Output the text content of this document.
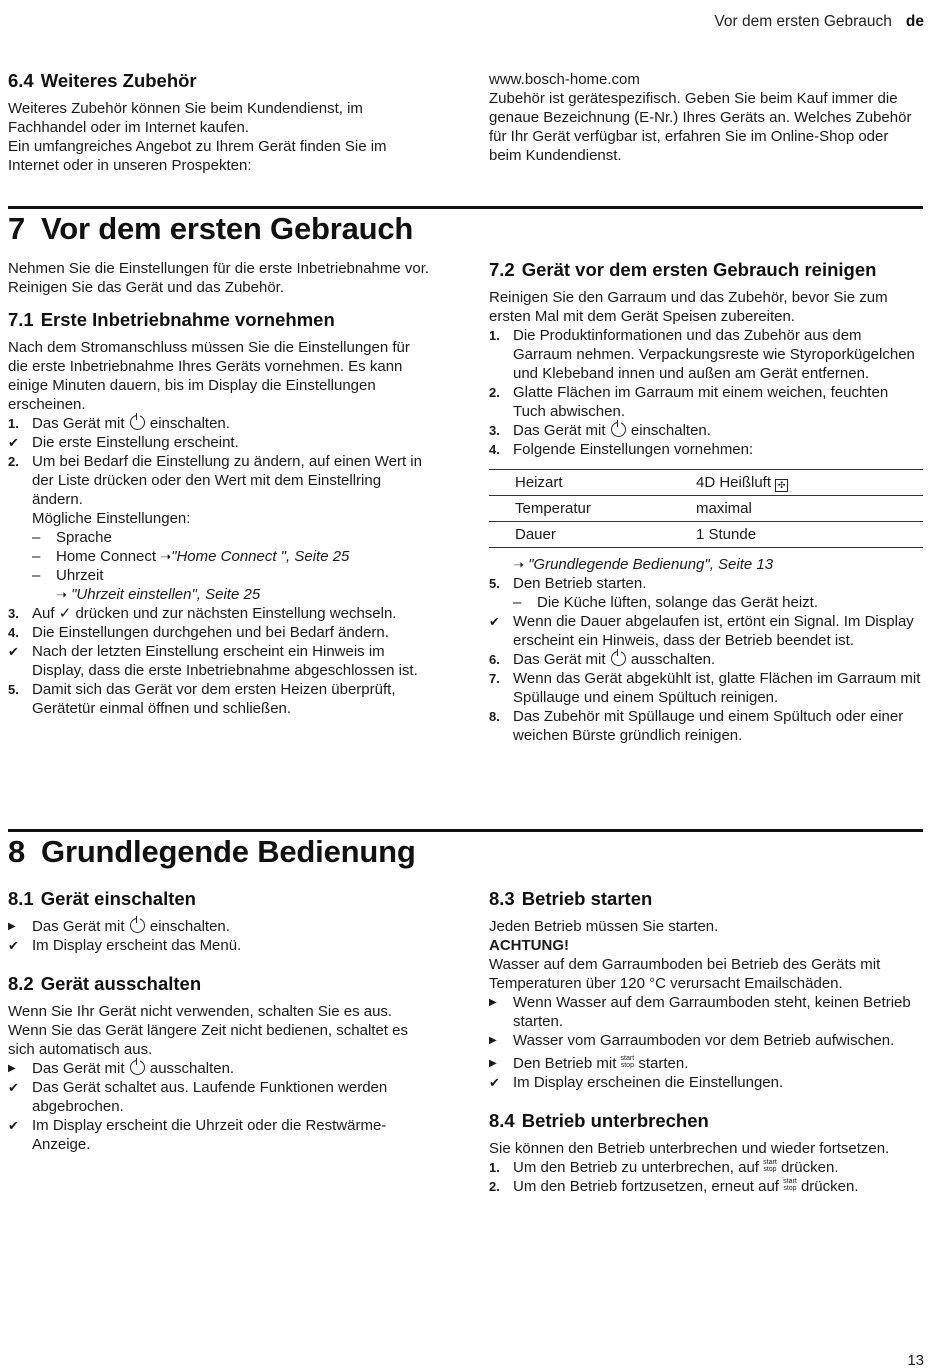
Vor dem ersten Gebrauch de
6.4 Weiteres Zubehör

Weiteres Zubehör können Sie beim Kundendienst, im Fachhandel oder im Internet kaufen.

Ein umfangreiches Angebot zu Ihrem Gerät finden Sie im Internet oder in unseren Prospekten:

www.bosch-home.com

Zubehör ist gerätespezifisch. Geben Sie beim Kauf immer die genaue Bezeichnung (E-Nr.) Ihres Geräts an. Welches Zubehör für Ihr Gerät verfügbar ist, erfahren Sie im Online-Shop oder beim Kundendienst.

7 Vor dem ersten Gebrauch

Nehmen Sie die Einstellungen für die erste Inbetriebnahme vor. Reinigen Sie das Gerät und das Zubehör.

7.1 Erste Inbetriebnahme vornehmen

Nach dem Stromanschluss müssen Sie die Einstellungen für die erste Inbetriebnahme Ihres Geräts vornehmen. Es kann einige Minuten dauern, bis im Display die Einstellungen erscheinen.

1. Das Gerät mit einschalten.
✔ Die erste Einstellung erscheint.
2. Um bei Bedarf die Einstellung zu ändern, auf einen Wert in der Liste drücken oder den Wert mit dem Einstellring ändern.
Mögliche Einstellungen:
– Sprache
– Home Connect ➝"Home Connect ", Seite 25
– Uhrzeit
➝ "Uhrzeit einstellen", Seite 25
3. Auf ✓ drücken und zur nächsten Einstellung wechseln.
4. Die Einstellungen durchgehen und bei Bedarf ändern.
✔ Nach der letzten Einstellung erscheint ein Hinweis im Display, dass die erste Inbetriebnahme abgeschlossen ist.
5. Damit sich das Gerät vor dem ersten Heizen überprüft, Gerätetür einmal öffnen und schließen.
7.2 Gerät vor dem ersten Gebrauch reinigen

Reinigen Sie den Garraum und das Zubehör, bevor Sie zum ersten Mal mit dem Gerät Speisen zubereiten.

1. Die Produktinformationen und das Zubehör aus dem Garraum nehmen. Verpackungsreste wie Styroporkügelchen und Klebeband innen und außen am Gerät entfernen.
2. Glatte Flächen im Garraum mit einem weichen, feuchten Tuch abwischen.
3. Das Gerät mit einschalten.
4. Folgende Einstellungen vornehmen:
Heizart	4D Heißluft ✣
Temperatur	maximal
Dauer	1 Stunde
➝ "Grundlegende Bedienung", Seite 13
5. Den Betrieb starten.
– Die Küche lüften, solange das Gerät heizt.
✔ Wenn die Dauer abgelaufen ist, ertönt ein Signal. Im Display erscheint ein Hinweis, dass der Betrieb beendet ist.
6. Das Gerät mit ausschalten.
7. Wenn das Gerät abgekühlt ist, glatte Flächen im Garraum mit Spüllauge und einem Spültuch reinigen.
8. Das Zubehör mit Spüllauge und einem Spültuch oder einer weichen Bürste gründlich reinigen.
8 Grundlegende Bedienung
8.1 Gerät einschalten
▶	Das Gerät mit einschalten.
✔ Im Display erscheint das Menü.
8.2 Gerät ausschalten

Wenn Sie Ihr Gerät nicht verwenden, schalten Sie es aus. Wenn Sie das Gerät längere Zeit nicht bedienen, schaltet es sich automatisch aus.

▶	Das Gerät mit ausschalten.
✔ Das Gerät schaltet aus. Laufende Funktionen werden abgebrochen.
✔ Im Display erscheint die Uhrzeit oder die Restwärme-Anzeige.
8.3 Betrieb starten

Jeden Betrieb müssen Sie starten.

ACHTUNG!

Wasser auf dem Garraumboden bei Betrieb des Geräts mit Temperaturen über 120 °C verursacht Emailschäden.

▶	Wenn Wasser auf dem Garraumboden steht, keinen Betrieb starten.
▶	Wasser vom Garraumboden vor dem Betrieb aufwischen.
▶	Den Betrieb mit start
stop starten.
✔ Im Display erscheinen die Einstellungen.
8.4 Betrieb unterbrechen

Sie können den Betrieb unterbrechen und wieder fortsetzen.

1. Um den Betrieb zu unterbrechen, auf start
stop drücken.
2. Um den Betrieb fortzusetzen, erneut auf start
stop drücken.
13
